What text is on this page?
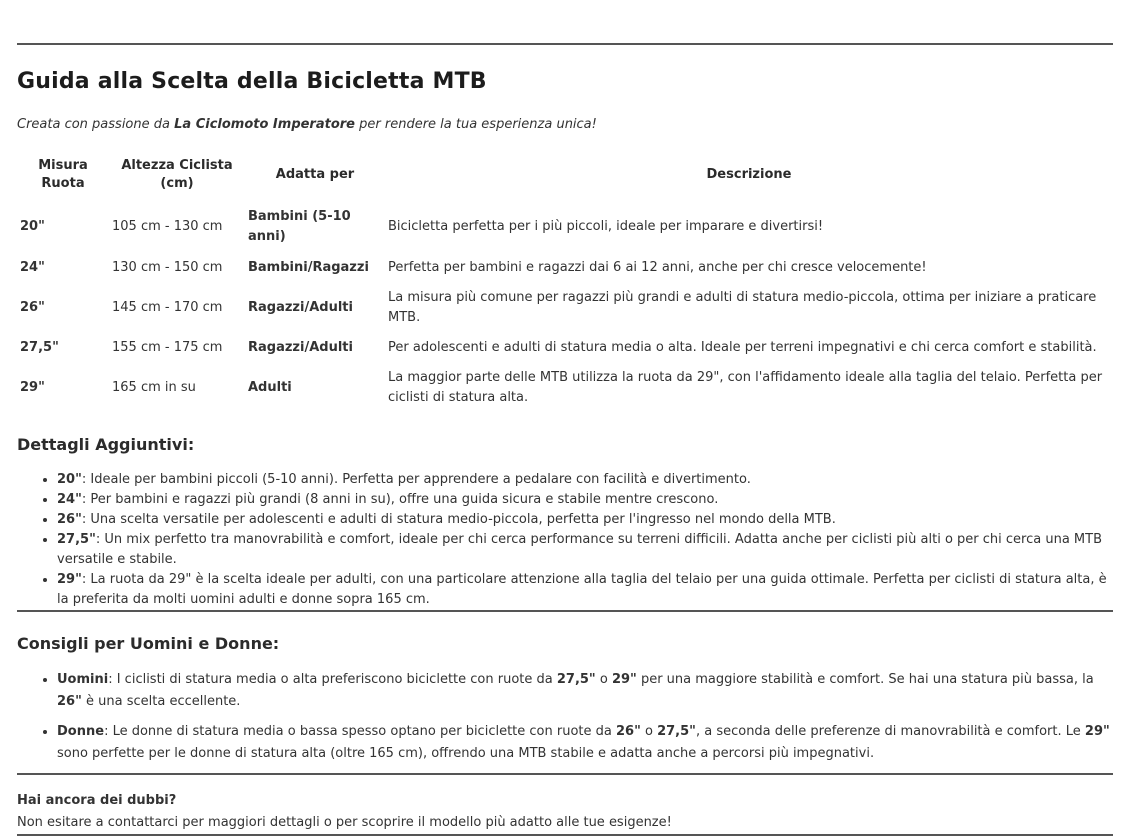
Guida alla Scelta della Bicicletta MTB

Creata con passione da La Ciclomoto Imperatore per rendere la tua esperienza unica!

Misura Ruota	Altezza Ciclista (cm)	Adatta per	Descrizione
20"	105 cm - 130 cm	Bambini (5-10 anni)	Bicicletta perfetta per i più piccoli, ideale per imparare e divertirsi!
24"	130 cm - 150 cm	Bambini/Ragazzi	Perfetta per bambini e ragazzi dai 6 ai 12 anni, anche per chi cresce velocemente!
26"	145 cm - 170 cm	Ragazzi/Adulti	La misura più comune per ragazzi più grandi e adulti di statura medio-piccola, ottima per iniziare a praticare MTB.
27,5"	155 cm - 175 cm	Ragazzi/Adulti	Per adolescenti e adulti di statura media o alta. Ideale per terreni impegnativi e chi cerca comfort e stabilità.
29"	165 cm in su	Adulti	La maggior parte delle MTB utilizza la ruota da 29", con l'affidamento ideale alla taglia del telaio. Perfetta per ciclisti di statura alta.
Dettagli Aggiuntivi:
• 20": Ideale per bambini piccoli (5-10 anni). Perfetta per apprendere a pedalare con facilità e divertimento.
• 24": Per bambini e ragazzi più grandi (8 anni in su), offre una guida sicura e stabile mentre crescono.
• 26": Una scelta versatile per adolescenti e adulti di statura medio-piccola, perfetta per l'ingresso nel mondo della MTB.
• 27,5": Un mix perfetto tra manovrabilità e comfort, ideale per chi cerca performance su terreni difficili. Adatta anche per ciclisti più alti o per chi cerca una MTB versatile e stabile.
• 29": La ruota da 29" è la scelta ideale per adulti, con una particolare attenzione alla taglia del telaio per una guida ottimale. Perfetta per ciclisti di statura alta, è la preferita da molti uomini adulti e donne sopra 165 cm.
Consigli per Uomini e Donne:
• Uomini: I ciclisti di statura media o alta preferiscono biciclette con ruote da 27,5" o 29" per una maggiore stabilità e comfort. Se hai una statura più bassa, la 26" è una scelta eccellente.
• Donne: Le donne di statura media o bassa spesso optano per biciclette con ruote da 26" o 27,5", a seconda delle preferenze di manovrabilità e comfort. Le 29" sono perfette per le donne di statura alta (oltre 165 cm), offrendo una MTB stabile e adatta anche a percorsi più impegnativi.

Hai ancora dei dubbi?
Non esitare a contattarci per maggiori dettagli o per scoprire il modello più adatto alle tue esigenze!
